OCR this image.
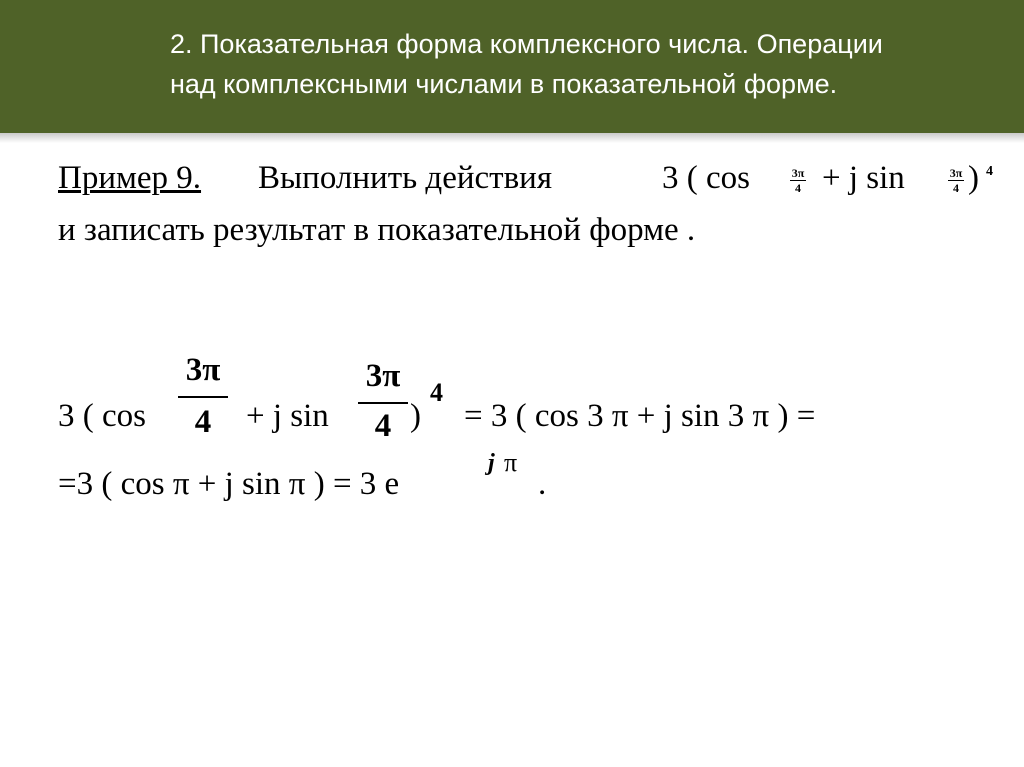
2. Показательная форма комплексного числа. Операции
над комплексными числами в показательной форме.
Пример 9. Выполнить действия	3 ( cos	3π
4 + j sin	3π
4 ) 4
и записать результат в показательной форме .
3 ( cos
3π
4	+ j sin
3π
4 )
4
= 3 ( cos 3 π + j sin 3 π ) =
=3 ( cos π + j sin π ) = 3 e
j π
.
